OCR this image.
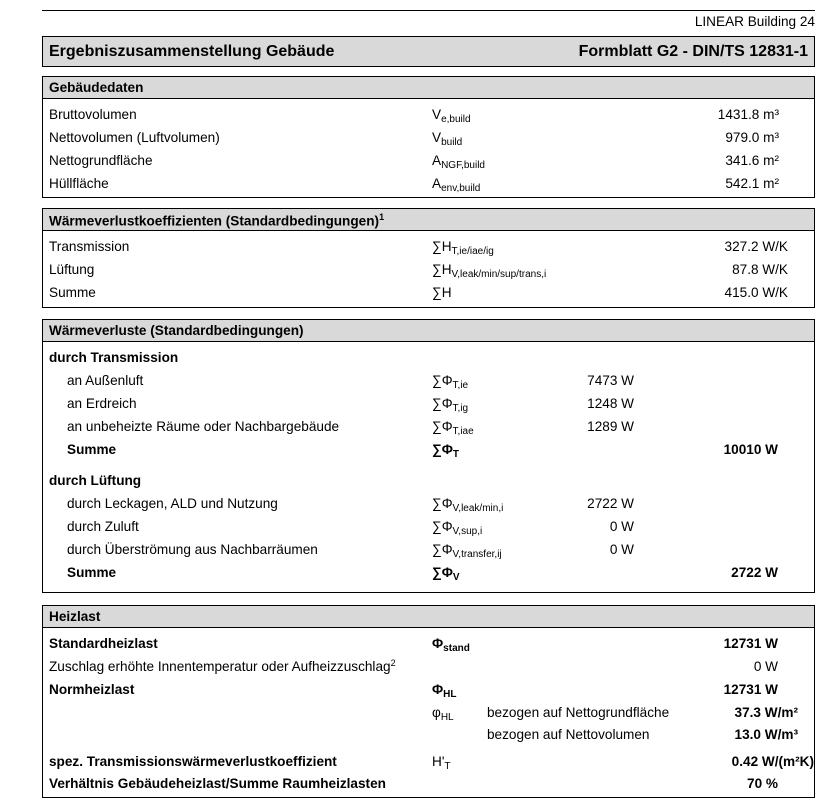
LINEAR Building 24
Ergebniszusammenstellung Gebäude	Formblatt G2 - DIN/TS 12831-1
Gebäudedaten
Bruttovolumen	$V_{e,build}$	1431.8 m³
Nettovolumen (Luftvolumen)	$V_{build}$	979.0 m³
Nettogrundfläche	$A_{NGF,build}$	341.6 m²
Hüllfläche	$A_{env,build}$	542.1 m²
Wärmeverlustkoeffizienten (Standardbedingungen)$^1$
Transmission	$\sum H_{T,ie/iae/ig}$	327.2 W/K
Lüftung	$\sum H_{V,leak/min/sup/trans,i}$	87.8 W/K
Summe	∑H	415.0 W/K
Wärmeverluste (Standardbedingungen)
durch Transmission
an Außenluft	$\sum\Phi_{T,ie}$	7473 W
an Erdreich	$\sum\Phi_{T,ig}$	1248 W
an unbeheizte Räume oder Nachbargebäude	$\sum\Phi_{T,iae}$	1289 W
Summe	$\sum\Phi_T$	10010 W
durch Lüftung
durch Leckagen, ALD und Nutzung	$\sum\Phi_{V,leak/min,i}$	2722 W
durch Zuluft	$\sum\Phi_{V,sup,i}$	0 W
durch Überströmung aus Nachbarräumen	$\sum\Phi_{V,transfer,ij}$	0 W
Summe	$\sum\Phi_V$	2722 W
Heizlast
Standardheizlast	$\Phi_{stand}$	12731 W
Zuschlag erhöhte Innentemperatur oder Aufheizzuschlag$^2$	0 W
Normheizlast	$\Phi_{HL}$	12731 W
$\varphi_{HL}$ bezogen auf Nettogrundfläche	37.3 W/m²
bezogen auf Nettovolumen	13.0 W/m³
spez. Transmissionswärmeverlustkoeffizient	$H'_T$	0.42 W/(m²K)
Verhältnis Gebäudeheizlast/Summe Raumheizlasten	70 %
